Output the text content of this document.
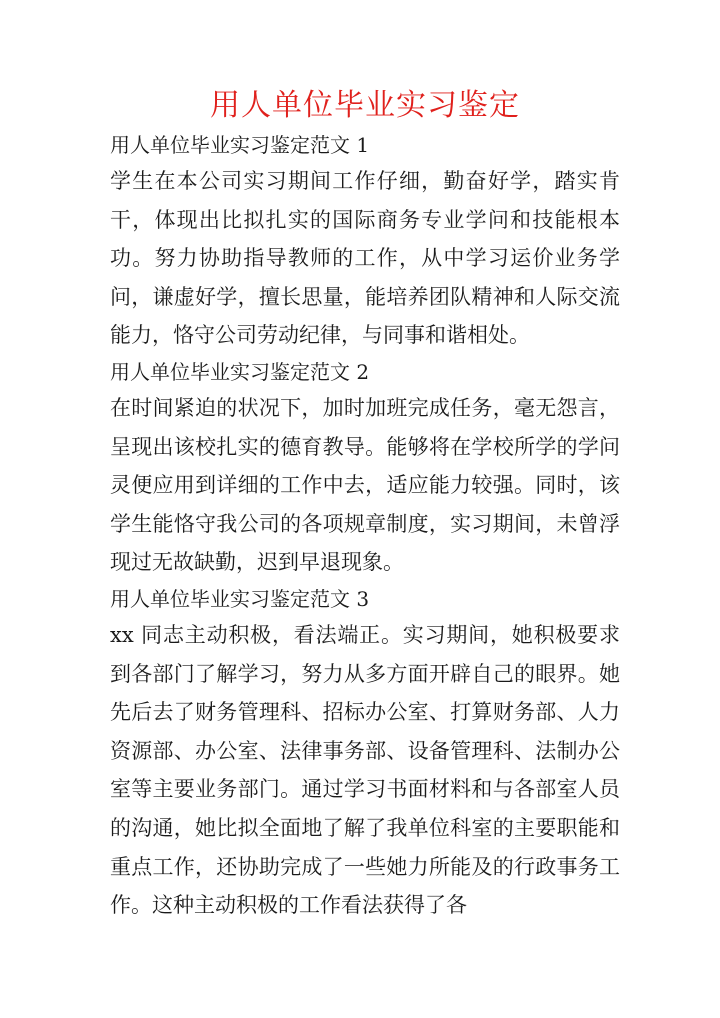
用人单位毕业实习鉴定

用人单位毕业实习鉴定范文 1

学生在本公司实习期间工作仔细，勤奋好学，踏实肯干，体现出比拟扎实的国际商务专业学问和技能根本功。努力协助指导教师的工作，从中学习运价业务学问，谦虚好学，擅长思量，能培养团队精神和人际交流能力，恪守公司劳动纪律，与同事和谐相处。

用人单位毕业实习鉴定范文 2

在时间紧迫的状况下，加时加班完成任务，毫无怨言，呈现出该校扎实的德育教导。能够将在学校所学的学问灵便应用到详细的工作中去，适应能力较强。同时，该学生能恪守我公司的各项规章制度，实习期间，未曾浮现过无故缺勤，迟到早退现象。

用人单位毕业实习鉴定范文 3

xx 同志主动积极，看法端正。实习期间，她积极要求到各部门了解学习，努力从多方面开辟自己的眼界。她先后去了财务管理科、招标办公室、打算财务部、人力资源部、办公室、法律事务部、设备管理科、法制办公室等主要业务部门。通过学习书面材料和与各部室人员的沟通，她比拟全面地了解了我单位科室的主要职能和重点工作，还协助完成了一些她力所能及的行政事务工作。这种主动积极的工作看法获得了各
